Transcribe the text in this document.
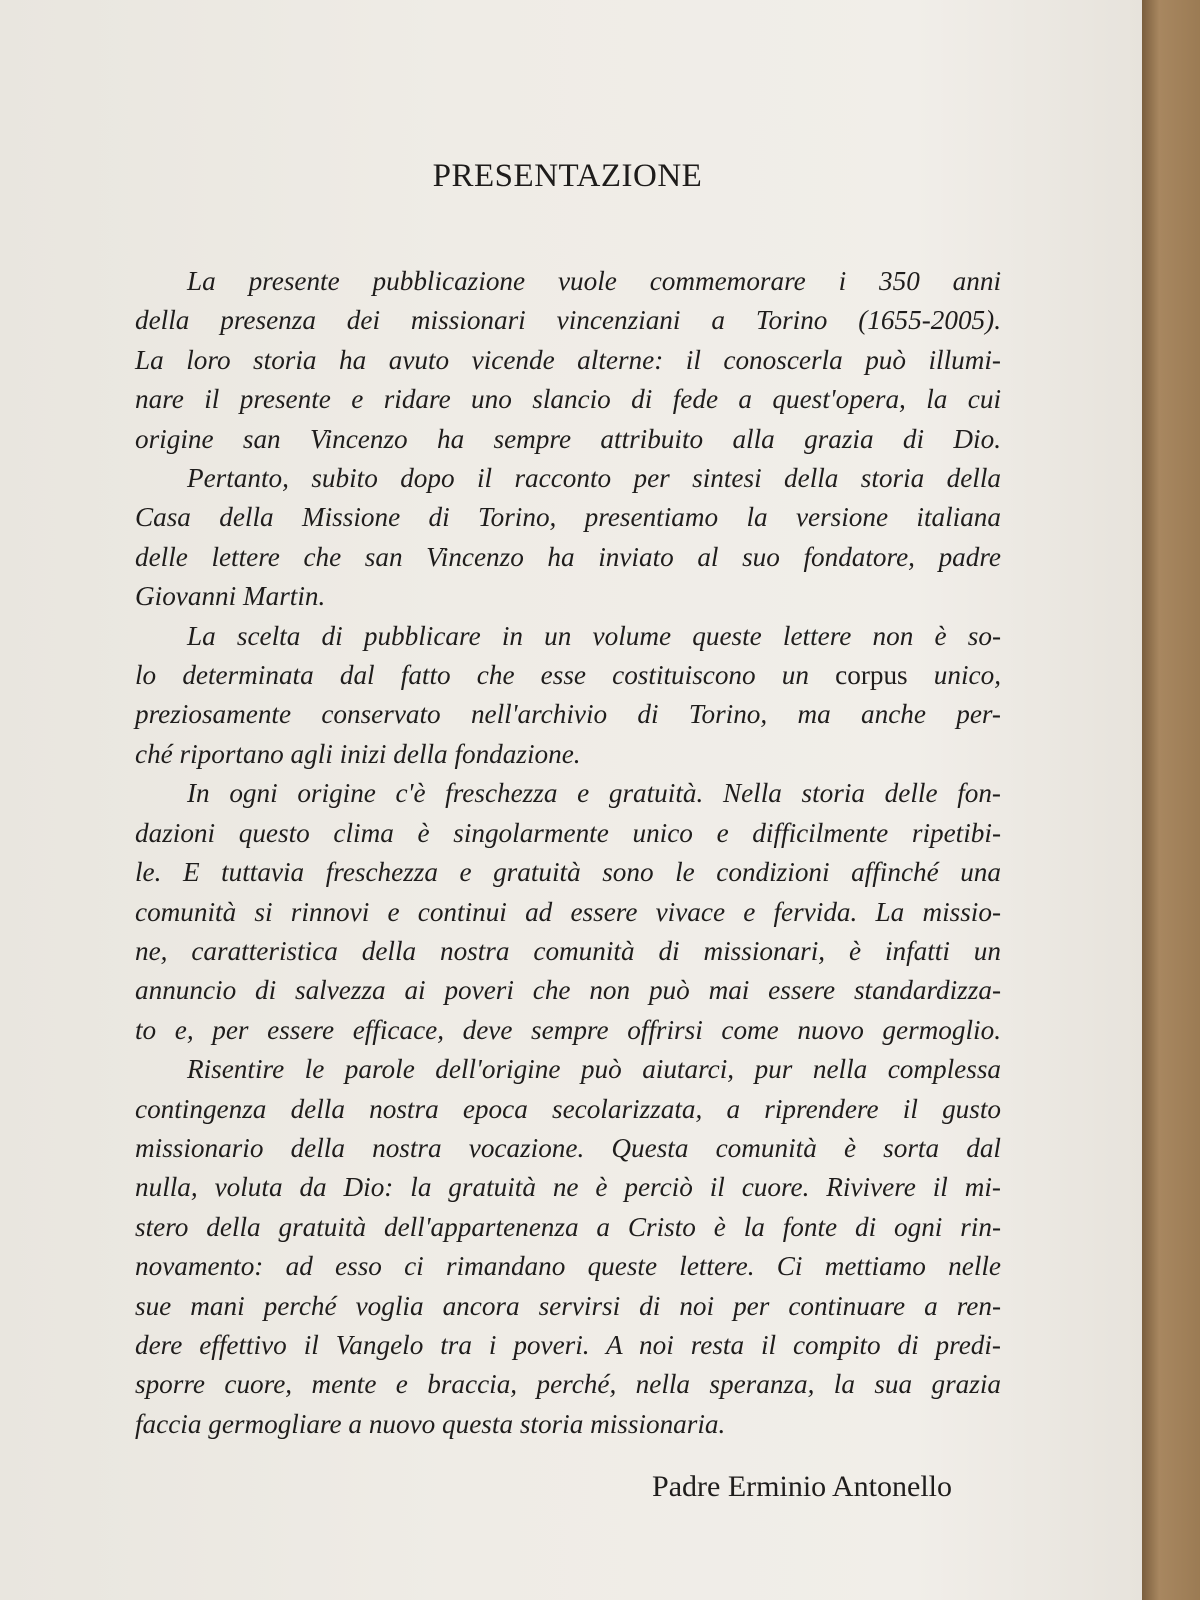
PRESENTAZIONE
La presente pubblicazione vuole commemorare i 350 anni
della presenza dei missionari vincenziani a Torino (1655-2005).
La loro storia ha avuto vicende alterne: il conoscerla può illumi-
nare il presente e ridare uno slancio di fede a quest'opera, la cui
origine san Vincenzo ha sempre attribuito alla grazia di Dio.
Pertanto, subito dopo il racconto per sintesi della storia della
Casa della Missione di Torino, presentiamo la versione italiana
delle lettere che san Vincenzo ha inviato al suo fondatore, padre
Giovanni Martin.
La scelta di pubblicare in un volume queste lettere non è so-
lo determinata dal fatto che esse costituiscono un corpus unico,
preziosamente conservato nell'archivio di Torino, ma anche per-
ché riportano agli inizi della fondazione.
In ogni origine c'è freschezza e gratuità. Nella storia delle fon-
dazioni questo clima è singolarmente unico e difficilmente ripetibi-
le. E tuttavia freschezza e gratuità sono le condizioni affinché una
comunità si rinnovi e continui ad essere vivace e fervida. La missio-
ne, caratteristica della nostra comunità di missionari, è infatti un
annuncio di salvezza ai poveri che non può mai essere standardizza-
to e, per essere efficace, deve sempre offrirsi come nuovo germoglio.
Risentire le parole dell'origine può aiutarci, pur nella complessa
contingenza della nostra epoca secolarizzata, a riprendere il gusto
missionario della nostra vocazione. Questa comunità è sorta dal
nulla, voluta da Dio: la gratuità ne è perciò il cuore. Rivivere il mi-
stero della gratuità dell'appartenenza a Cristo è la fonte di ogni rin-
novamento: ad esso ci rimandano queste lettere. Ci mettiamo nelle
sue mani perché voglia ancora servirsi di noi per continuare a ren-
dere effettivo il Vangelo tra i poveri. A noi resta il compito di predi-
sporre cuore, mente e braccia, perché, nella speranza, la sua grazia
faccia germogliare a nuovo questa storia missionaria.
Padre Erminio Antonello
